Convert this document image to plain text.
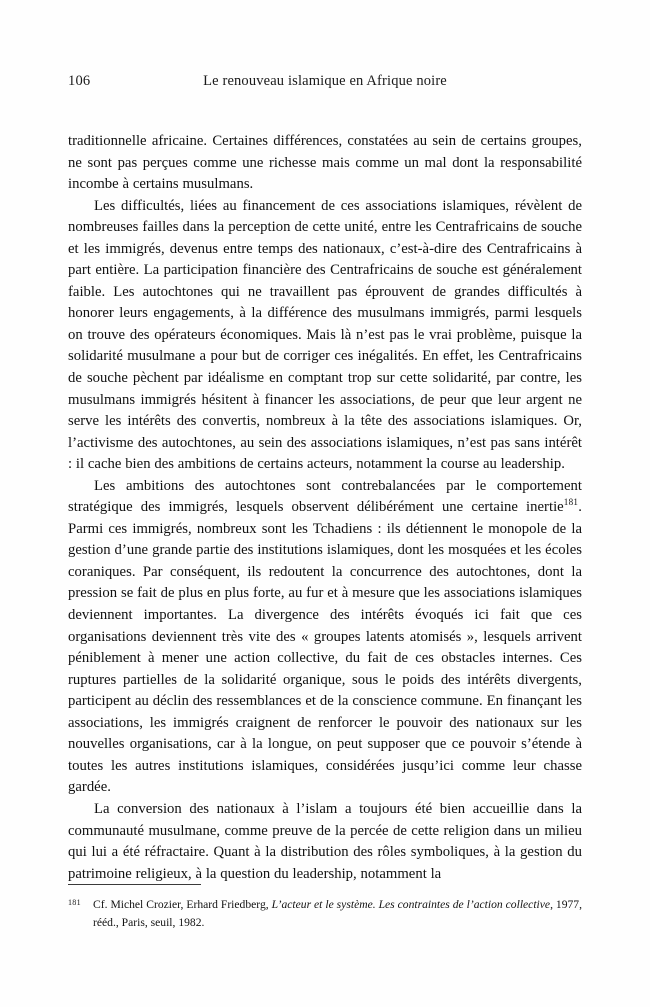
106	Le renouveau islamique en Afrique noire

traditionnelle africaine. Certaines différences, constatées au sein de certains groupes, ne sont pas perçues comme une richesse mais comme un mal dont la responsabilité incombe à certains musulmans.

Les difficultés, liées au financement de ces associations islamiques, révèlent de nombreuses failles dans la perception de cette unité, entre les Centrafricains de souche et les immigrés, devenus entre temps des nationaux, c’est-à-dire des Centrafricains à part entière. La participation financière des Centrafricains de souche est généralement faible. Les autochtones qui ne travaillent pas éprouvent de grandes difficultés à honorer leurs engagements, à la différence des musulmans immigrés, parmi lesquels on trouve des opérateurs économiques. Mais là n’est pas le vrai problème, puisque la solidarité musulmane a pour but de corriger ces inégalités. En effet, les Centrafricains de souche pèchent par idéalisme en comptant trop sur cette solidarité, par contre, les musulmans immigrés hésitent à financer les associations, de peur que leur argent ne serve les intérêts des convertis, nombreux à la tête des associations islamiques. Or, l’activisme des autochtones, au sein des associations islamiques, n’est pas sans intérêt : il cache bien des ambitions de certains acteurs, notamment la course au leadership.

Les ambitions des autochtones sont contrebalancées par le comportement stratégique des immigrés, lesquels observent délibérément une certaine inertie$^{181}$. Parmi ces immigrés, nombreux sont les Tchadiens : ils détiennent le monopole de la gestion d’une grande partie des institutions islamiques, dont les mosquées et les écoles coraniques. Par conséquent, ils redoutent la concurrence des autochtones, dont la pression se fait de plus en plus forte, au fur et à mesure que les associations islamiques deviennent importantes. La divergence des intérêts évoqués ici fait que ces organisations deviennent très vite des « groupes latents atomisés », lesquels arrivent péniblement à mener une action collective, du fait de ces obstacles internes. Ces ruptures partielles de la solidarité organique, sous le poids des intérêts divergents, participent au déclin des ressemblances et de la conscience commune. En finançant les associations, les immigrés craignent de renforcer le pouvoir des nationaux sur les nouvelles organisations, car à la longue, on peut supposer que ce pouvoir s’étende à toutes les autres institutions islamiques, considérées jusqu’ici comme leur chasse gardée.

La conversion des nationaux à l’islam a toujours été bien accueillie dans la communauté musulmane, comme preuve de la percée de cette religion dans un milieu qui lui a été réfractaire. Quant à la distribution des rôles symboliques, à la gestion du patrimoine religieux, à la question du leadership, notamment la

181 Cf. Michel Crozier, Erhard Friedberg, L’acteur et le système. Les contraintes de l’action collective, 1977, rééd., Paris, seuil, 1982.
